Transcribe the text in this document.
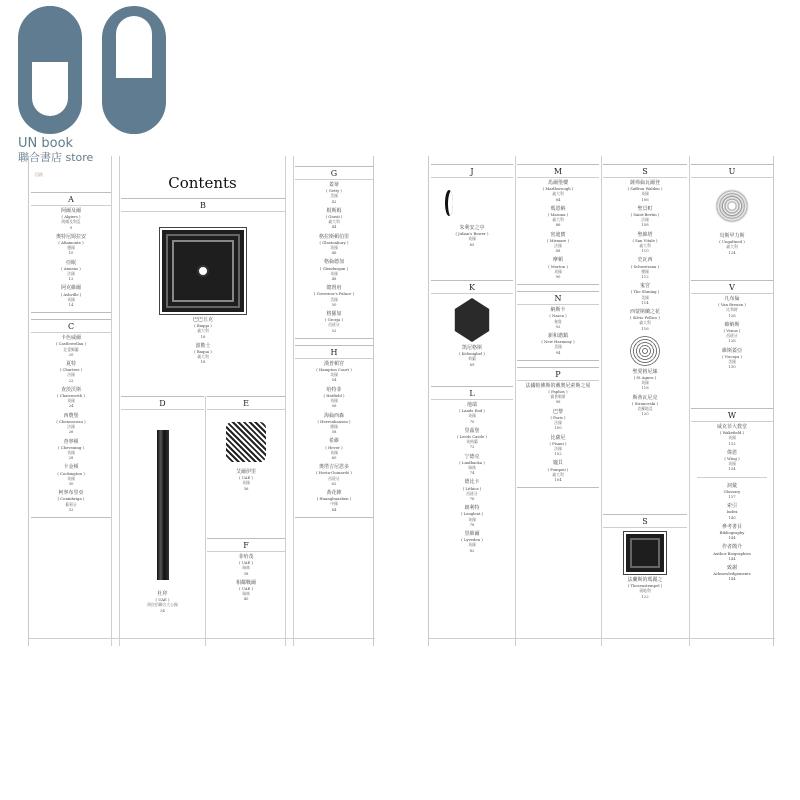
UN book
聯合書店 store
目次
A
阿爾及爾
( Algiers )
阿爾及利亞
9
奧特尼姆拉安
( Altamonte )
德國
10
亞眠
( Amiens )
法國
12
阿克維爾
( Ashville )
英國
14
C
卡色威爾
( Castlewellan )
北愛爾蘭
20
夏特
( Chartres )
法國
22
查茨沃斯
( Chatsworth )
英國
24
西農堡
( Chenonceau )
法國
26
查寧頓
( Chevening )
英國
28
卡金頓
( Cockington )
英國
30
柯寧布里亞
( Coninbriga )
葡萄牙
32
Contents
B
巴巴丘克
( Baqqa )
義大利
16
波勒士
( Baqua )
義大利
18
D
杜拜
( UAE )
阿拉伯聯合大公國
34
E
艾爾伊里
( UAE )
英國
36
F
菲哈茂
( UAE )
瑞典
38
相鄰戰爾
( UAE )
瑞典
40
G
蓋蒂
( Getty )
美國
42
根斯姆
( Giusti )
義大利
44
格拉斯頓伯里
( Glastonbury )
英國
46
格倫德加
( Glendurgan )
英國
48
總督府
( Governor's Palace )
美國
50
格羅加
( Groeja )
西班牙
52
H
漢普頓宮
( Hampton Court )
英國
54
哈特菲
( Hatfield )
英國
56
海倫西森
( Herrenhausen )
德國
58
希維
( Hever )
英國
60
奧塔吉尼恩多
( Horta-Guinardó )
西班牙
62
黃花陣
( Huanghuazhen )
中國
64
J
朱利安之亭
( Julian's Bower )
英國
65
K
凯尼格斯
( Kelenighel )
荷蘭
69
L
地端
( Lands End )
英國
70
里茲堡
( Leeds Castle )
英格蘭
72
宁德克
( Lindbacka )
瑞典
74
德比卡
( Lithica )
西班牙
76
朗利特
( Longleat )
英國
78
里維爾
( Lyveden )
英國
82
M
馬爾堡樓
( Marlborough )
義大利
84
瑪恩納
( Masona )
義大利
86
密迪寶
( Mirmare )
法國
88
摩頓
( Morton )
英國
90
N
納斯卡
( Nazca )
秘魯
92
新和諧鎮
( New Harmony )
美國
94
P
法國帕佛斯的戴奧尼索斯之屋
( Paphos )
賽普勒斯
96
巴黎
( Paris )
法國
100
比薩尼
( Pisani )
法國
102
龐貝
( Pompeii )
義大利
104
S
薩弗倫瓦爾登
( Saffron Walden )
英國
106
聖貝町
( Saint-Bertin )
法國
108
聖維塔
( San Vitale )
義大利
110
史瓦西
( Schwetzsau )
德國
112
鬼宮
( The Shining )
美國
114
西蒙斯蘭之花
( Silvio Pellico )
義大利
116
聖愛格尼絲
( St Agnes )
英國
118
斯蒂瓦尼克
( Stranovski )
克羅地亞
120
S
法蘭斯的瑪麗之
( Theseustempel )
奧地利
122
U
烏斯甲力斯
( Ungaltned )
義大利
124
V
凡布倫
( Van Breuen )
比利時
126
維納斯
( Venus )
西班牙
128
維斯蓋亞
( Viscaya )
美國
130
W
威克菲大教堂
( Wakefield )
英國
132
偉恩
( Wing )
英國
134
詞彙
Glossary
137
索引
Index
140
參考書目
Bibliography
144
作者簡介
Author Biographies
144
致謝
Acknowledgements
144
